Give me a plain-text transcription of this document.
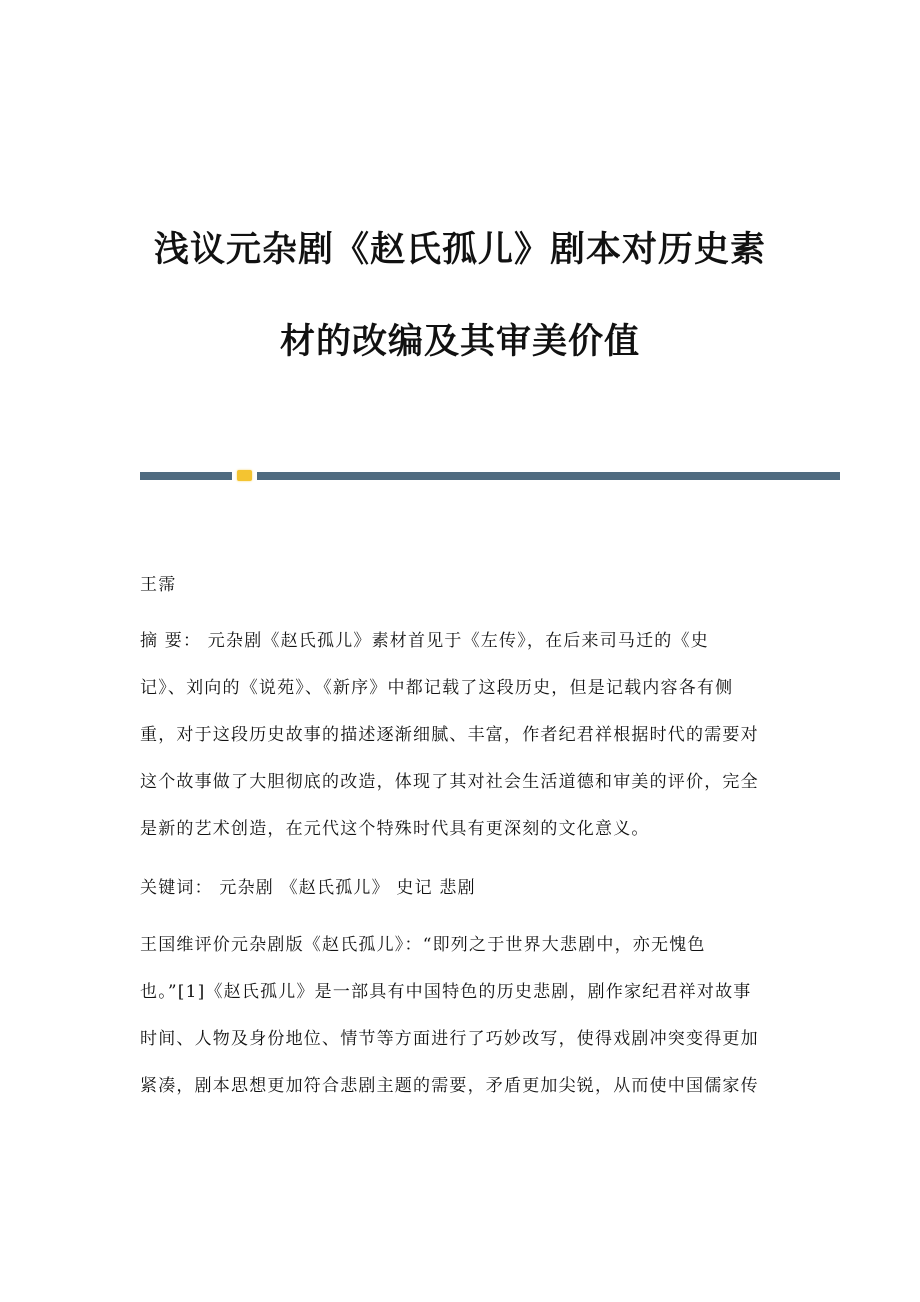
浅议元杂剧《赵氏孤儿》剧本对历史素
材的改编及其审美价值
王霈
摘 要： 元杂剧《赵氏孤儿》素材首见于《左传》，在后来司马迁的《史
记》、刘向的《说苑》、《新序》中都记载了这段历史，但是记载内容各有侧
重，对于这段历史故事的描述逐渐细腻、丰富，作者纪君祥根据时代的需要对
这个故事做了大胆彻底的改造，体现了其对社会生活道德和审美的评价，完全
是新的艺术创造，在元代这个特殊时代具有更深刻的文化意义。
关键词： 元杂剧 《赵氏孤儿》 史记 悲剧
王国维评价元杂剧版《赵氏孤儿》：“即列之于世界大悲剧中，亦无愧色
也。”[1]《赵氏孤儿》是一部具有中国特色的历史悲剧，剧作家纪君祥对故事
时间、人物及身份地位、情节等方面进行了巧妙改写，使得戏剧冲突变得更加
紧凑，剧本思想更加符合悲剧主题的需要，矛盾更加尖锐，从而使中国儒家传
